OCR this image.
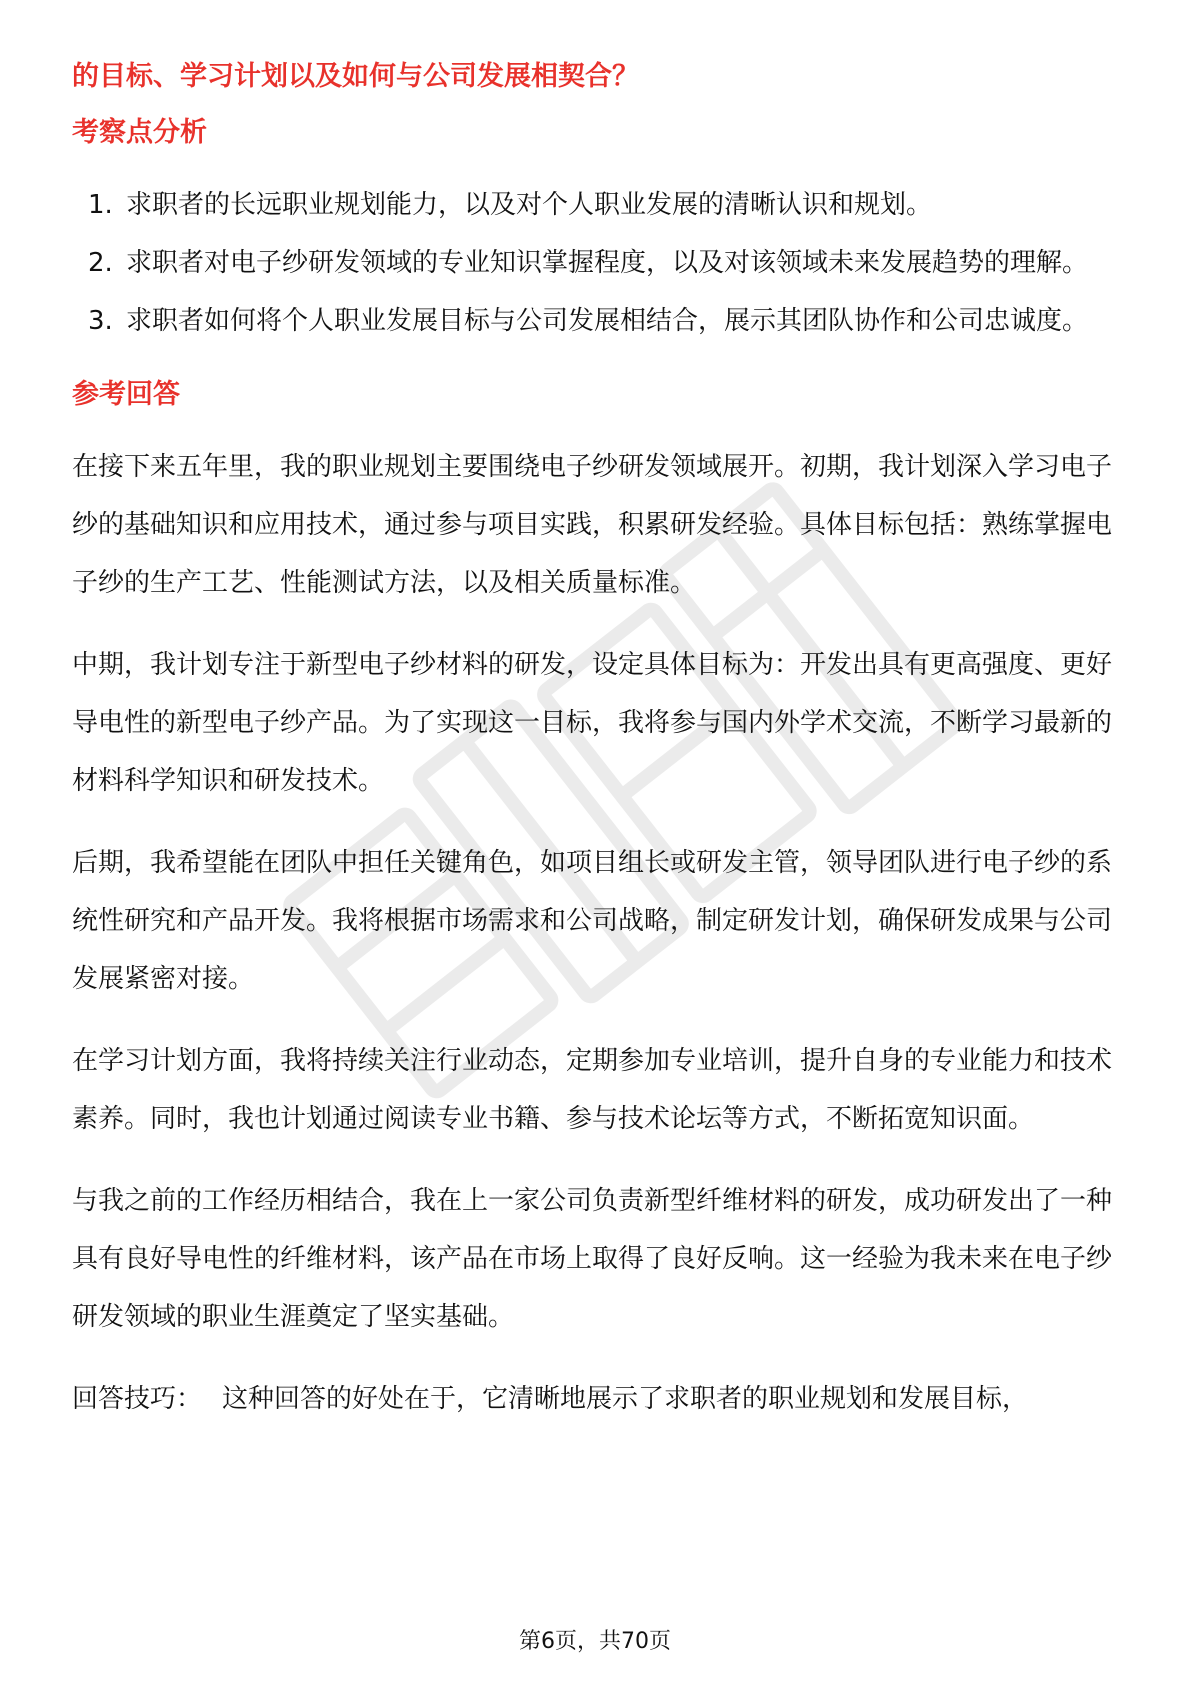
的目标、学习计划以及如何与公司发展相契合？

考察点分析
1. 求职者的长远职业规划能力，以及对个人职业发展的清晰认识和规划。
2. 求职者对电子纱研发领域的专业知识掌握程度，以及对该领域未来发展趋势的理解。
3. 求职者如何将个人职业发展目标与公司发展相结合，展示其团队协作和公司忠诚度。
参考回答

在接下来五年里，我的职业规划主要围绕电子纱研发领域展开。初期，我计划深入学习电子纱的基础知识和应用技术，通过参与项目实践，积累研发经验。具体目标包括：熟练掌握电子纱的生产工艺、性能测试方法，以及相关质量标准。

中期，我计划专注于新型电子纱材料的研发，设定具体目标为：开发出具有更高强度、更好导电性的新型电子纱产品。为了实现这一目标，我将参与国内外学术交流，不断学习最新的材料科学知识和研发技术。

后期，我希望能在团队中担任关键角色，如项目组长或研发主管，领导团队进行电子纱的系统性研究和产品开发。我将根据市场需求和公司战略，制定研发计划，确保研发成果与公司发展紧密对接。

在学习计划方面，我将持续关注行业动态，定期参加专业培训，提升自身的专业能力和技术素养。同时，我也计划通过阅读专业书籍、参与技术论坛等方式，不断拓宽知识面。

与我之前的工作经历相结合，我在上一家公司负责新型纤维材料的研发，成功研发出了一种具有良好导电性的纤维材料，该产品在市场上取得了良好反响。这一经验为我未来在电子纱研发领域的职业生涯奠定了坚实基础。

回答技巧： 这种回答的好处在于，它清晰地展示了求职者的职业规划和发展目标，

第6页，共70页
